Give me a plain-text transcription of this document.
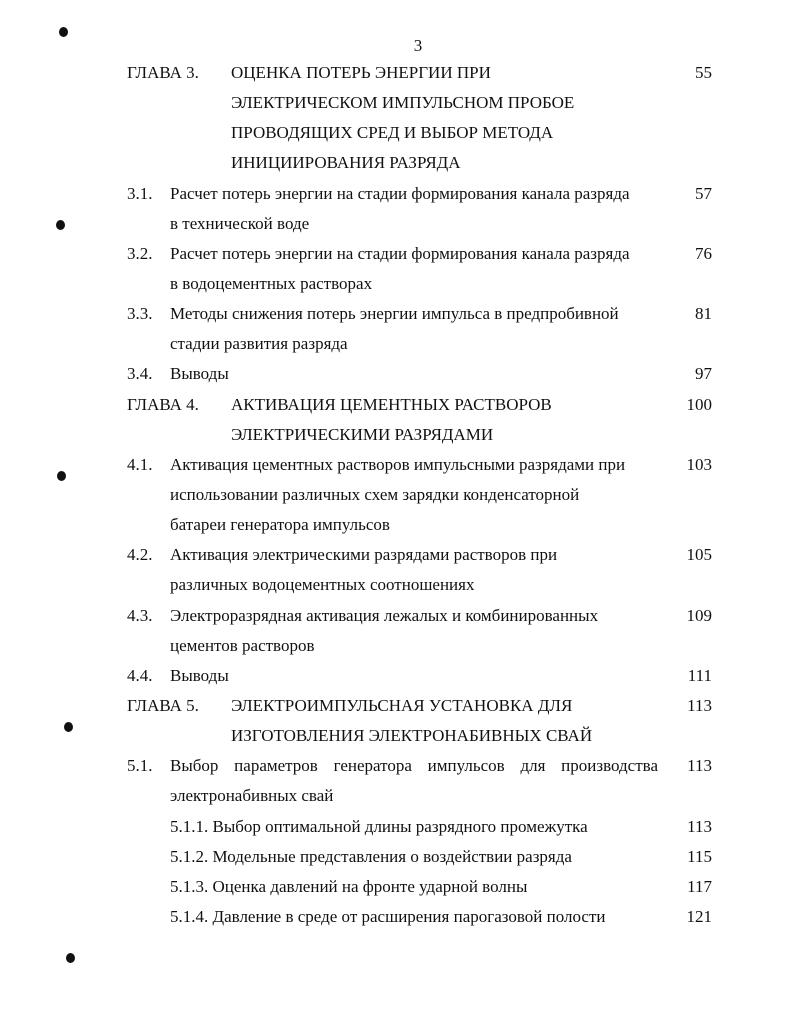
3
ГЛАВА 3. ОЦЕНКА ПОТЕРЬ ЭНЕРГИИ ПРИ	55
ЭЛЕКТРИЧЕСКОМ ИМПУЛЬСНОМ ПРОБОЕ
ПРОВОДЯЩИХ СРЕД И ВЫБОР МЕТОДА
ИНИЦИИРОВАНИЯ РАЗРЯДА
3.1. Расчет потерь энергии на стадии формирования канала разряда	57
в технической воде
3.2. Расчет потерь энергии на стадии формирования канала разряда	76
в водоцементных растворах
3.3. Методы снижения потерь энергии импульса в предпробивной	81
стадии развития разряда
3.4. Выводы	97
ГЛАВА 4. АКТИВАЦИЯ ЦЕМЕНТНЫХ РАСТВОРОВ	100
ЭЛЕКТРИЧЕСКИМИ РАЗРЯДАМИ
4.1. Активация цементных растворов импульсными разрядами при	103
использовании различных схем зарядки конденсаторной
батареи генератора импульсов
4.2. Активация электрическими разрядами растворов при	105
различных водоцементных соотношениях
4.3. Электроразрядная активация лежалых и комбинированных	109
цементов растворов
4.4. Выводы	111
ГЛАВА 5. ЭЛЕКТРОИМПУЛЬСНАЯ УСТАНОВКА ДЛЯ	113
ИЗГОТОВЛЕНИЯ ЭЛЕКТРОНАБИВНЫХ СВАЙ
5.1. Выбор параметров генератора импульсов для производства 113
электронабивных свай
5.1.1. Выбор оптимальной длины разрядного промежутка	113
5.1.2. Модельные представления о воздействии разряда	115
5.1.3. Оценка давлений на фронте ударной волны	117
5.1.4. Давление в среде от расширения парогазовой полости	121
